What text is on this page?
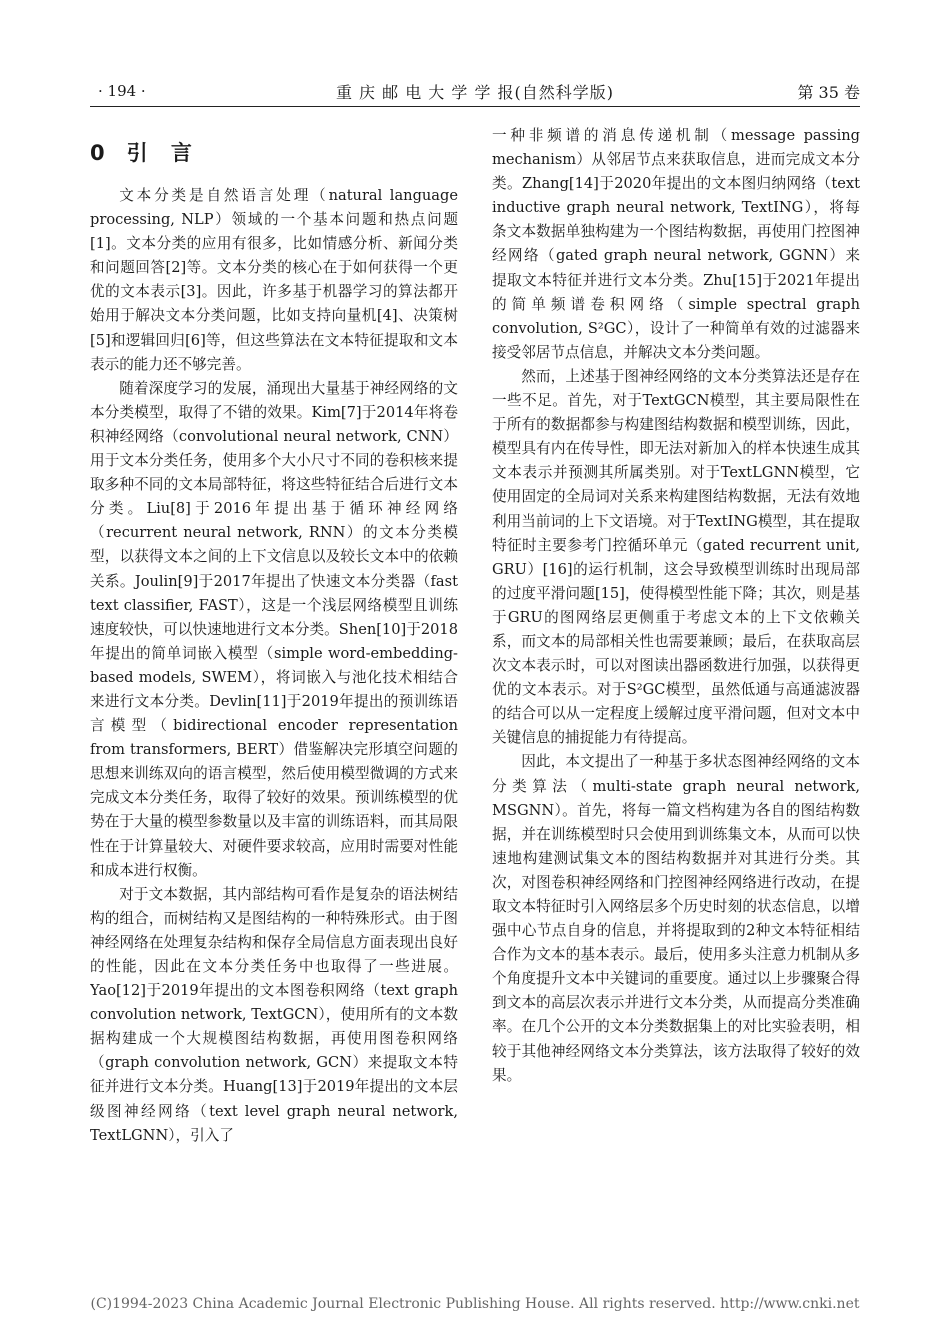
· 194 ·	重 庆 邮 电 大 学 学 报(自然科学版)	第 35 卷
0 引 言

文本分类是自然语言处理（natural language processing, NLP）领域的一个基本问题和热点问题[1]。文本分类的应用有很多，比如情感分析、新闻分类和问题回答[2]等。文本分类的核心在于如何获得一个更优的文本表示[3]。因此，许多基于机器学习的算法都开始用于解决文本分类问题，比如支持向量机[4]、决策树[5]和逻辑回归[6]等，但这些算法在文本特征提取和文本表示的能力还不够完善。

随着深度学习的发展，涌现出大量基于神经网络的文本分类模型，取得了不错的效果。Kim[7]于2014年将卷积神经网络（convolutional neural network, CNN）用于文本分类任务，使用多个大小尺寸不同的卷积核来提取多种不同的文本局部特征，将这些特征结合后进行文本分类。Liu[8]于2016年提出基于循环神经网络（recurrent neural network, RNN）的文本分类模型，以获得文本之间的上下文信息以及较长文本中的依赖关系。Joulin[9]于2017年提出了快速文本分类器（fast text classifier, FAST），这是一个浅层网络模型且训练速度较快，可以快速地进行文本分类。Shen[10]于2018年提出的简单词嵌入模型（simple word-embedding-based models, SWEM），将词嵌入与池化技术相结合来进行文本分类。Devlin[11]于2019年提出的预训练语言模型（bidirectional encoder representation from transformers, BERT）借鉴解决完形填空问题的思想来训练双向的语言模型，然后使用模型微调的方式来完成文本分类任务，取得了较好的效果。预训练模型的优势在于大量的模型参数量以及丰富的训练语料，而其局限性在于计算量较大、对硬件要求较高，应用时需要对性能和成本进行权衡。

对于文本数据，其内部结构可看作是复杂的语法树结构的组合，而树结构又是图结构的一种特殊形式。由于图神经网络在处理复杂结构和保存全局信息方面表现出良好的性能，因此在文本分类任务中也取得了一些进展。Yao[12]于2019年提出的文本图卷积网络（text graph convolution network, TextGCN），使用所有的文本数据构建成一个大规模图结构数据，再使用图卷积网络（graph convolution network, GCN）来提取文本特征并进行文本分类。Huang[13]于2019年提出的文本层级图神经网络（text level graph neural network, TextLGNN），引入了

一种非频谱的消息传递机制（message passing mechanism）从邻居节点来获取信息，进而完成文本分类。Zhang[14]于2020年提出的文本图归纳网络（text inductive graph neural network, TextING），将每条文本数据单独构建为一个图结构数据，再使用门控图神经网络（gated graph neural network, GGNN）来提取文本特征并进行文本分类。Zhu[15]于2021年提出的简单频谱卷积网络（simple spectral graph convolution, S²GC），设计了一种简单有效的过滤器来接受邻居节点信息，并解决文本分类问题。

然而，上述基于图神经网络的文本分类算法还是存在一些不足。首先，对于TextGCN模型，其主要局限性在于所有的数据都参与构建图结构数据和模型训练，因此，模型具有内在传导性，即无法对新加入的样本快速生成其文本表示并预测其所属类别。对于TextLGNN模型，它使用固定的全局词对关系来构建图结构数据，无法有效地利用当前词的上下文语境。对于TextING模型，其在提取特征时主要参考门控循环单元（gated recurrent unit, GRU）[16]的运行机制，这会导致模型训练时出现局部的过度平滑问题[15]，使得模型性能下降；其次，则是基于GRU的图网络层更侧重于考虑文本的上下文依赖关系，而文本的局部相关性也需要兼顾；最后，在获取高层次文本表示时，可以对图读出器函数进行加强，以获得更优的文本表示。对于S²GC模型，虽然低通与高通滤波器的结合可以从一定程度上缓解过度平滑问题，但对文本中关键信息的捕捉能力有待提高。

因此，本文提出了一种基于多状态图神经网络的文本分类算法（multi-state graph neural network, MSGNN）。首先，将每一篇文档构建为各自的图结构数据，并在训练模型时只会使用到训练集文本，从而可以快速地构建测试集文本的图结构数据并对其进行分类。其次，对图卷积神经网络和门控图神经网络进行改动，在提取文本特征时引入网络层多个历史时刻的状态信息，以增强中心节点自身的信息，并将提取到的2种文本特征相结合作为文本的基本表示。最后，使用多头注意力机制从多个角度提升文本中关键词的重要度。通过以上步骤聚合得到文本的高层次表示并进行文本分类，从而提高分类准确率。在几个公开的文本分类数据集上的对比实验表明，相较于其他神经网络文本分类算法，该方法取得了较好的效果。

(C)1994-2023 China Academic Journal Electronic Publishing House. All rights reserved. http://www.cnki.net
